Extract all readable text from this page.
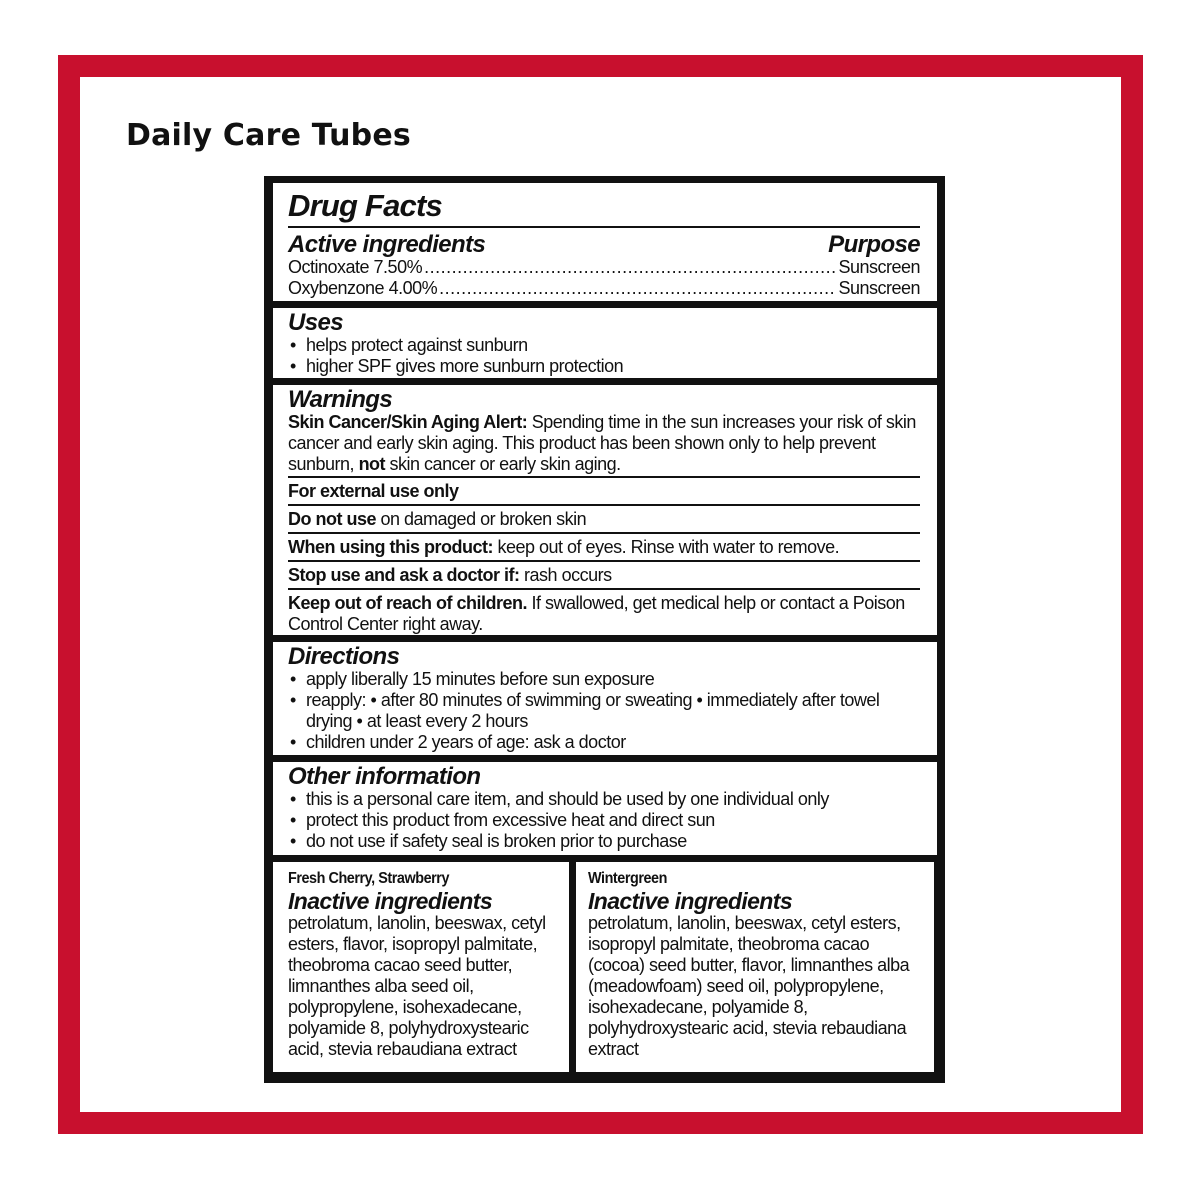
Daily Care Tubes
Drug Facts
Active ingredients	Purpose
Octinoxate 7.50% .....	Sunscreen
Oxybenzone 4.00% .....	Sunscreen
Uses
• helps protect against sunburn
• higher SPF gives more sunburn protection
Warnings
Skin Cancer/Skin Aging Alert: Spending time in the sun increases your risk of skin cancer and early skin aging. This product has been shown only to help prevent sunburn, not skin cancer or early skin aging.
For external use only
Do not use on damaged or broken skin
When using this product: keep out of eyes. Rinse with water to remove.
Stop use and ask a doctor if: rash occurs
Keep out of reach of children. If swallowed, get medical help or contact a Poison Control Center right away.
Directions
• apply liberally 15 minutes before sun exposure
• reapply: • after 80 minutes of swimming or sweating • immediately after towel drying • at least every 2 hours
• children under 2 years of age: ask a doctor
Other information
• this is a personal care item, and should be used by one individual only
• protect this product from excessive heat and direct sun
• do not use if safety seal is broken prior to purchase
Fresh Cherry, Strawberry
Inactive ingredients
petrolatum, lanolin, beeswax, cetyl esters, flavor, isopropyl palmitate, theobroma cacao seed butter, limnanthes alba seed oil, polypropylene, isohexadecane, polyamide 8, polyhydroxystearic acid, stevia rebaudiana extract
Wintergreen
Inactive ingredients
petrolatum, lanolin, beeswax, cetyl esters, isopropyl palmitate, theobroma cacao (cocoa) seed butter, flavor, limnanthes alba (meadowfoam) seed oil, polypropylene, isohexadecane, polyamide 8, polyhydroxystearic acid, stevia rebaudiana extract
